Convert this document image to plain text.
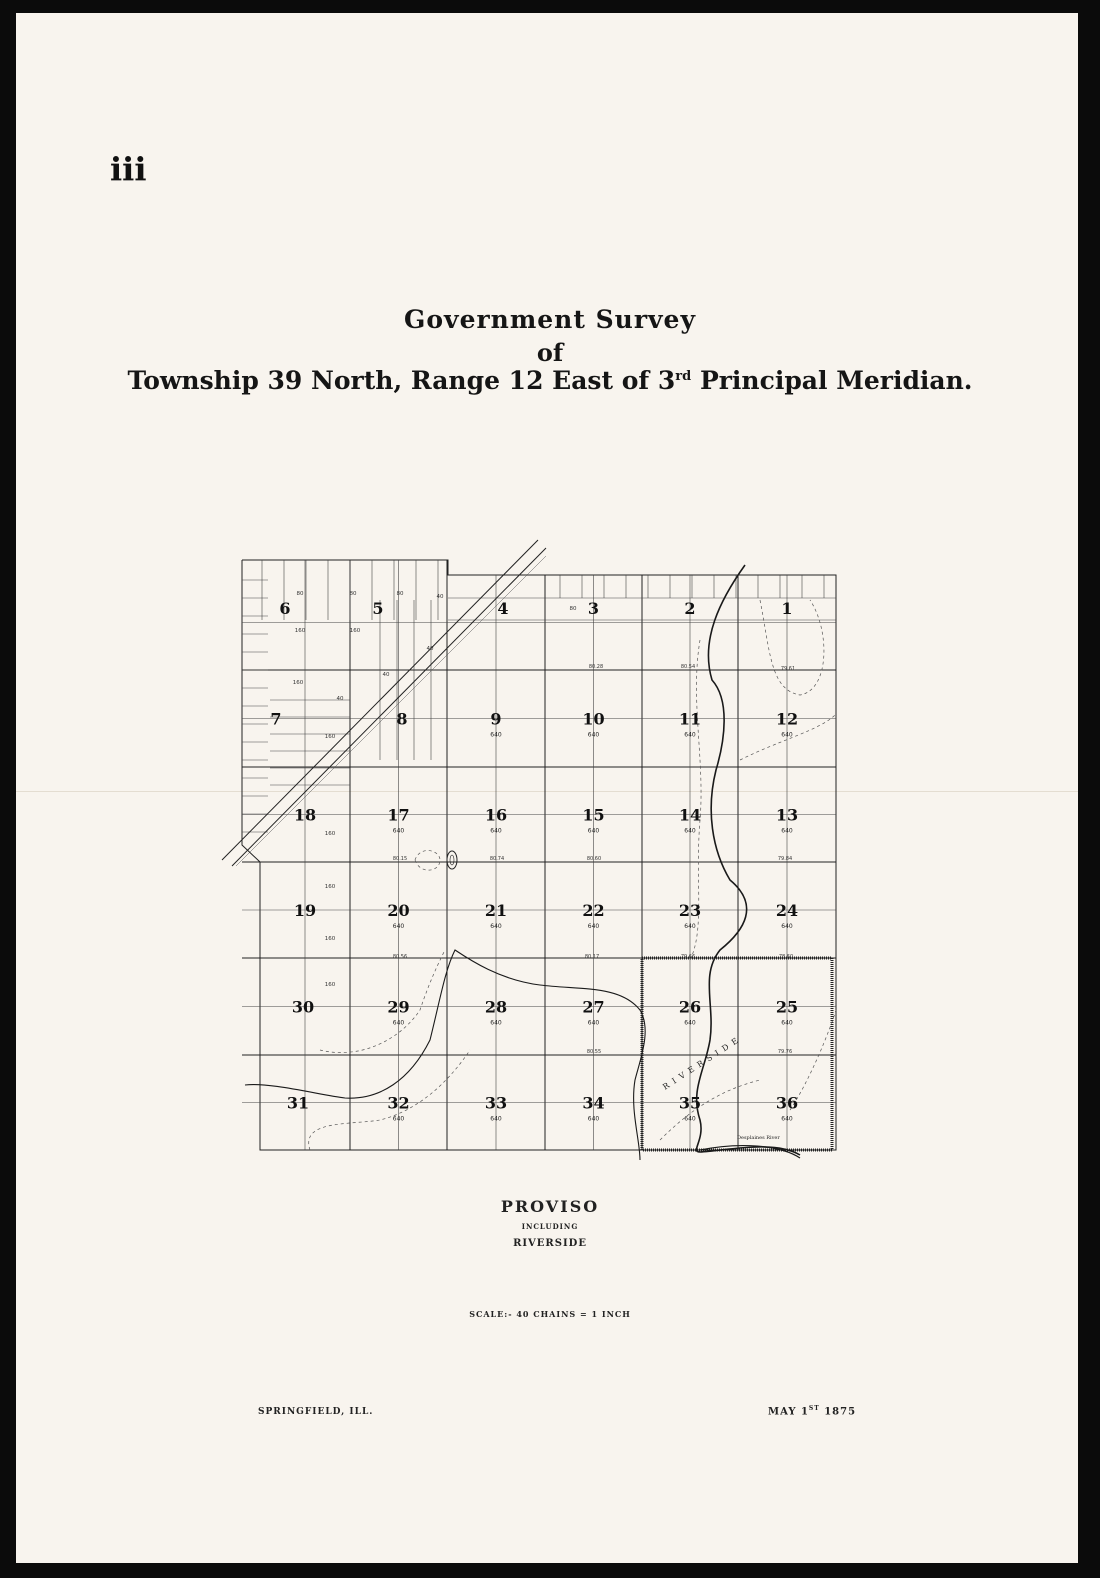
iii
Government Survey
of
Township 39 North, Range 12 East of 3rd Principal Meridian.
6	5	4	3	2	1
7	8	9
640
10
640
11
640
12
640
18	17
640
16
640
15
640
14
640
13
640
19	20
640
21
640
22
640
23
640
24
640
30	29
640
28
640
27
640
26
640
25
640
31	32
640
33
640
34
640
35
640
36
640
160	160
160
160
160
160
160
160
80	80	80
80
40
40
40
40
80.28	80.54	79.61
80.15	80.74	80.60	79.84
80.56	80.17	79.66	78.60
80.55	79.76
RIVERSIDE
Desplaines River
PROVISO
INCLUDING
RIVERSIDE
SCALE:- 40 CHAINS = 1 INCH
SPRINGFIELD, ILL.	MAY 1ST 1875
